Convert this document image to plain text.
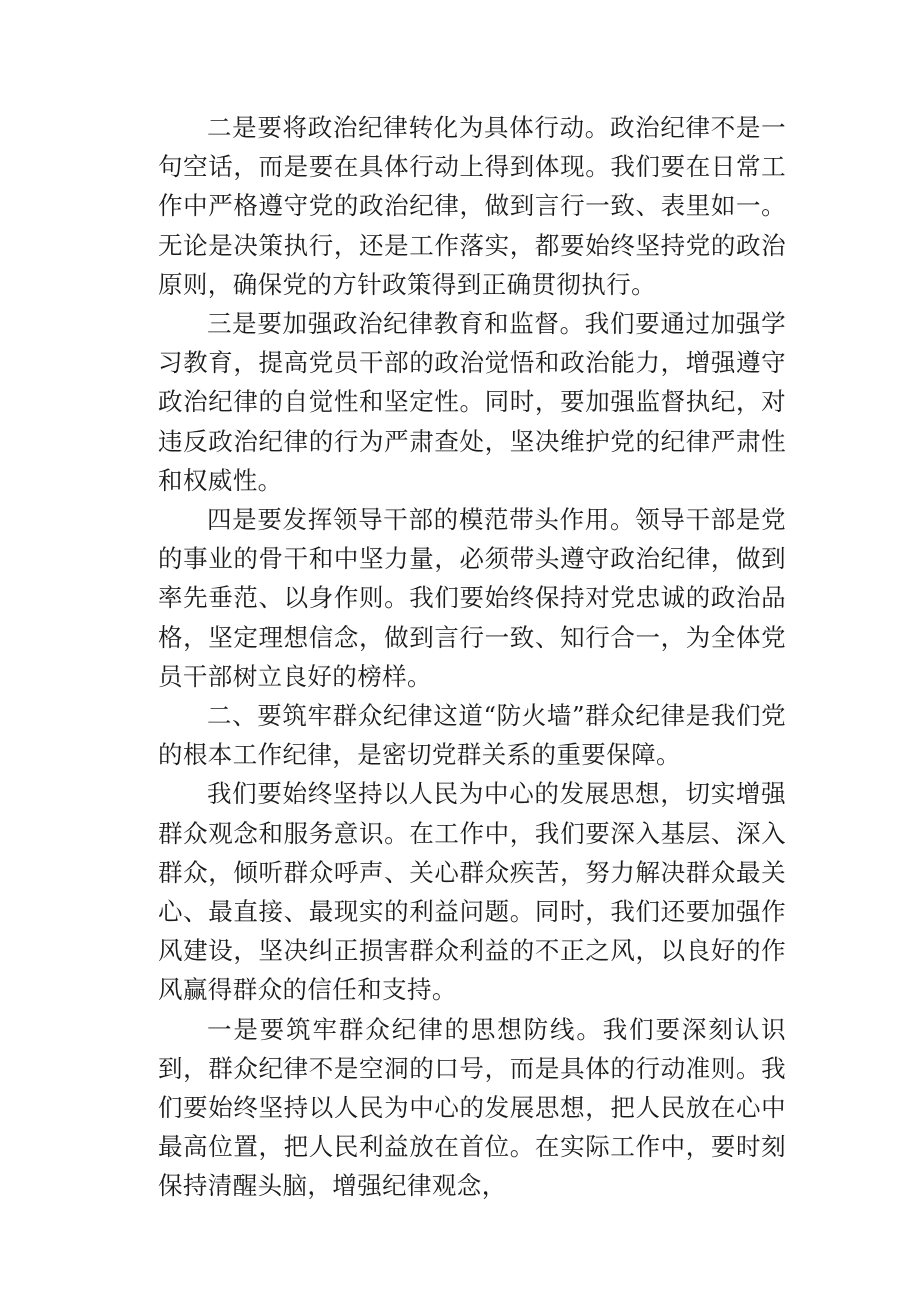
二是要将政治纪律转化为具体行动。政治纪律不是一句空话，而是要在具体行动上得到体现。我们要在日常工作中严格遵守党的政治纪律，做到言行一致、表里如一。无论是决策执行，还是工作落实，都要始终坚持党的政治原则，确保党的方针政策得到正确贯彻执行。

三是要加强政治纪律教育和监督。我们要通过加强学习教育，提高党员干部的政治觉悟和政治能力，增强遵守政治纪律的自觉性和坚定性。同时，要加强监督执纪，对违反政治纪律的行为严肃查处，坚决维护党的纪律严肃性和权威性。

四是要发挥领导干部的模范带头作用。领导干部是党的事业的骨干和中坚力量，必须带头遵守政治纪律，做到率先垂范、以身作则。我们要始终保持对党忠诚的政治品格，坚定理想信念，做到言行一致、知行合一，为全体党员干部树立良好的榜样。

二、要筑牢群众纪律这道“防火墙”群众纪律是我们党的根本工作纪律，是密切党群关系的重要保障。

我们要始终坚持以人民为中心的发展思想，切实增强群众观念和服务意识。在工作中，我们要深入基层、深入群众，倾听群众呼声、关心群众疾苦，努力解决群众最关心、最直接、最现实的利益问题。同时，我们还要加强作风建设，坚决纠正损害群众利益的不正之风，以良好的作风赢得群众的信任和支持。

一是要筑牢群众纪律的思想防线。我们要深刻认识到，群众纪律不是空洞的口号，而是具体的行动准则。我们要始终坚持以人民为中心的发展思想，把人民放在心中最高位置，把人民利益放在首位。在实际工作中，要时刻保持清醒头脑，增强纪律观念，
